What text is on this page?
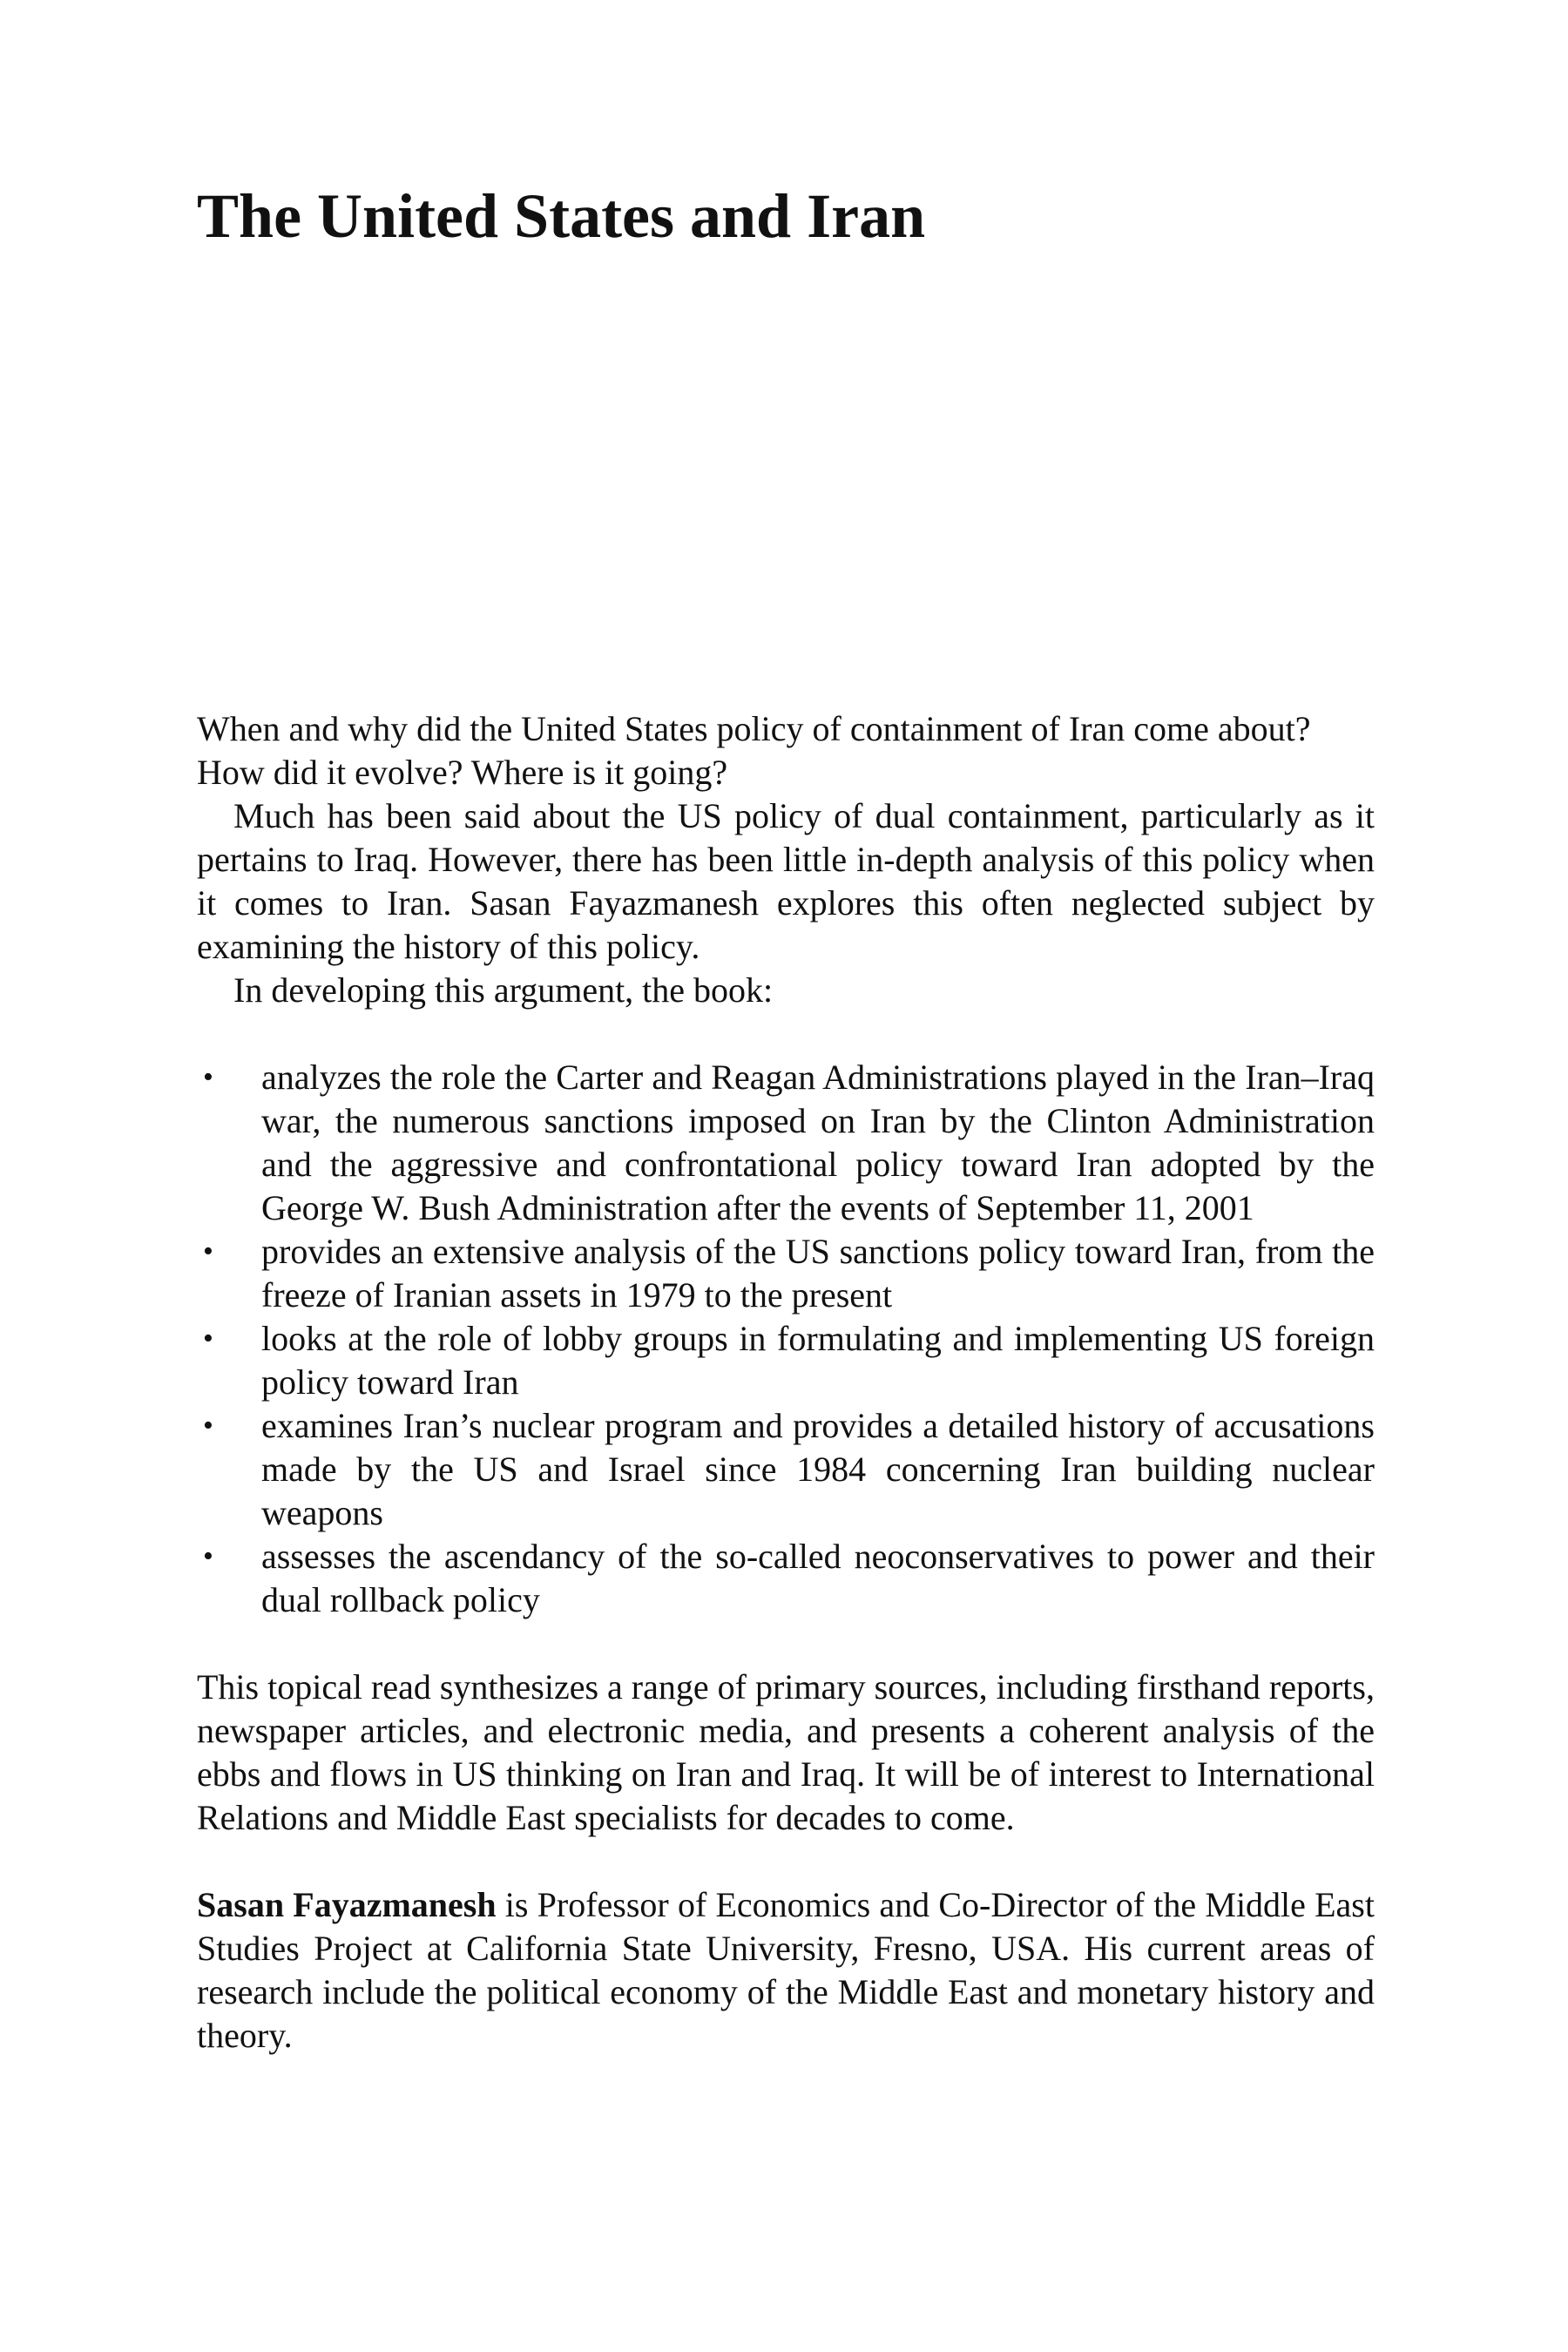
The United States and Iran

When and why did the United States policy of containment of Iran come about? How did it evolve? Where is it going?

Much has been said about the US policy of dual containment, particularly as it pertains to Iraq. However, there has been little in-depth analysis of this policy when it comes to Iran. Sasan Fayazmanesh explores this often neglected subject by examining the history of this policy.

In developing this argument, the book:

• analyzes the role the Carter and Reagan Administrations played in the Iran–Iraq war, the numerous sanctions imposed on Iran by the Clinton Administration and the aggressive and confrontational policy toward Iran adopted by the George W. Bush Administration after the events of September 11, 2001
• provides an extensive analysis of the US sanctions policy toward Iran, from the freeze of Iranian assets in 1979 to the present
• looks at the role of lobby groups in formulating and implementing US foreign policy toward Iran
• examines Iran’s nuclear program and provides a detailed history of accusations made by the US and Israel since 1984 concerning Iran building nuclear weapons
• assesses the ascendancy of the so-called neoconservatives to power and their dual rollback policy

This topical read synthesizes a range of primary sources, including firsthand reports, newspaper articles, and electronic media, and presents a coherent analysis of the ebbs and flows in US thinking on Iran and Iraq. It will be of interest to International Relations and Middle East specialists for decades to come.

Sasan Fayazmanesh is Professor of Economics and Co-Director of the Middle East Studies Project at California State University, Fresno, USA. His current areas of research include the political economy of the Middle East and monetary history and theory.
